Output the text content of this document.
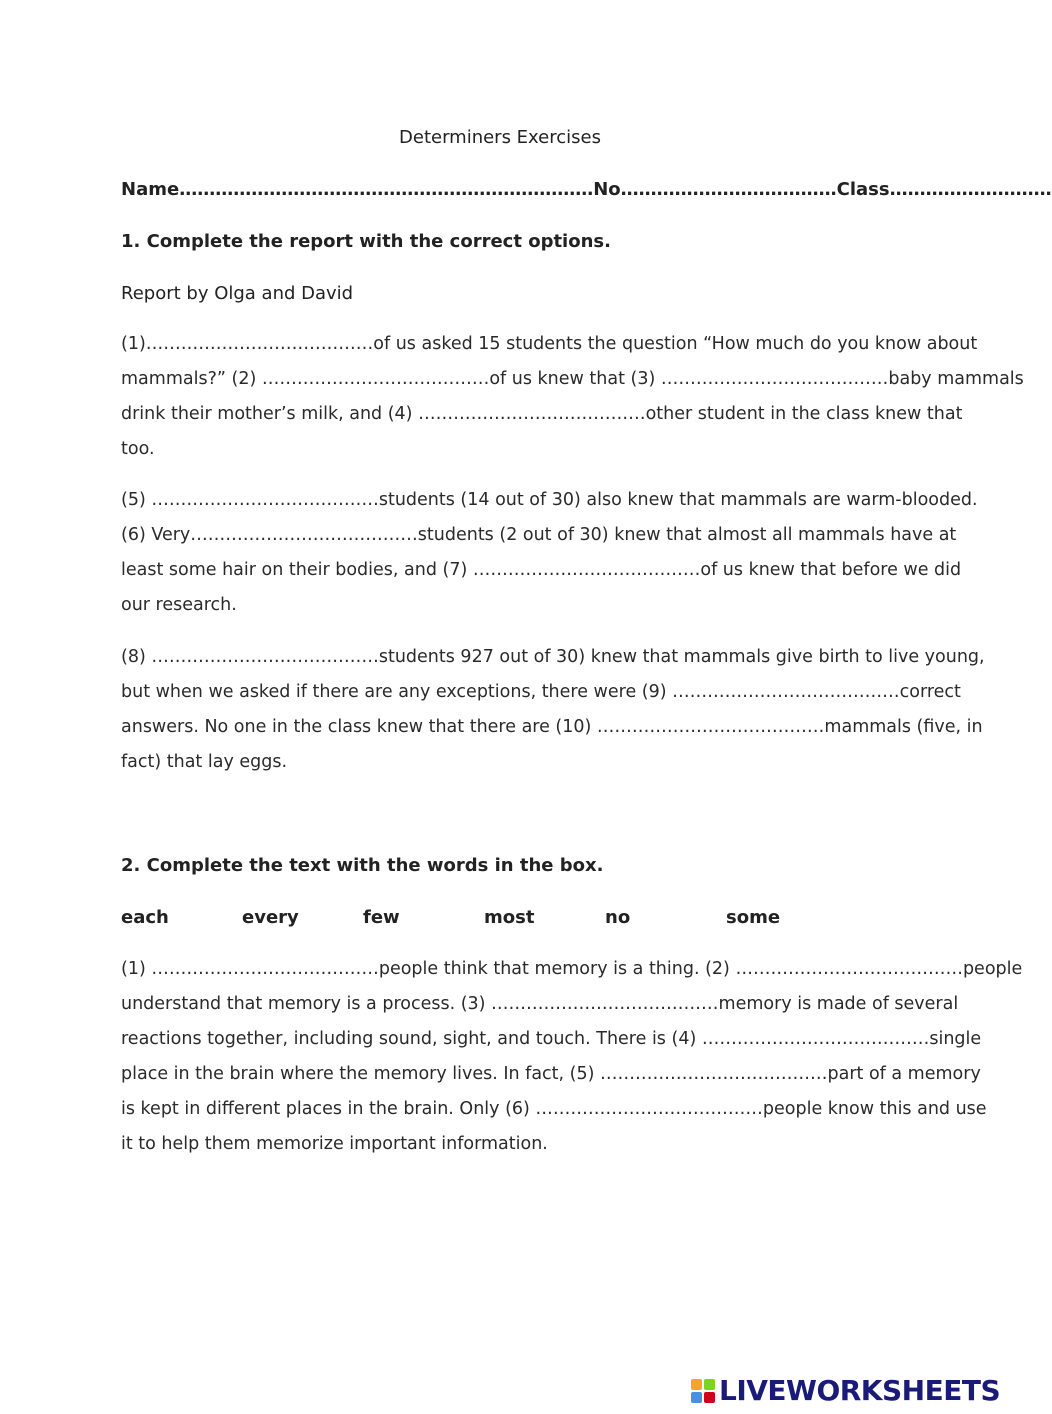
Determiners Exercises
Name……………………………………………………………No………………………………Class………………………
1. Complete the report with the correct options.
Report by Olga and David
(1)…………………………………of us asked 15 students the question “How much do you know about
mammals?” (2) …………………………………of us knew that (3) …………………………………baby mammals
drink their mother’s milk, and (4) …………………………………other student in the class knew that
too.
(5) …………………………………students (14 out of 30) also knew that mammals are warm-blooded.
(6) Very…………………………………students (2 out of 30) knew that almost all mammals have at
least some hair on their bodies, and (7) …………………………………of us knew that before we did
our research.
(8) …………………………………students 927 out of 30) knew that mammals give birth to live young,
but when we asked if there are any exceptions, there were (9) …………………………………correct
answers. No one in the class knew that there are (10) …………………………………mammals (five, in
fact) that lay eggs.
2. Complete the text with the words in the box.
each	every	few	most	no	some
(1) …………………………………people think that memory is a thing. (2) …………………………………people
understand that memory is a process. (3) …………………………………memory is made of several
reactions together, including sound, sight, and touch. There is (4) …………………………………single
place in the brain where the memory lives. In fact, (5) …………………………………part of a memory
is kept in different places in the brain. Only (6) …………………………………people know this and use
it to help them memorize important information.
LIVEWORKSHEETS
